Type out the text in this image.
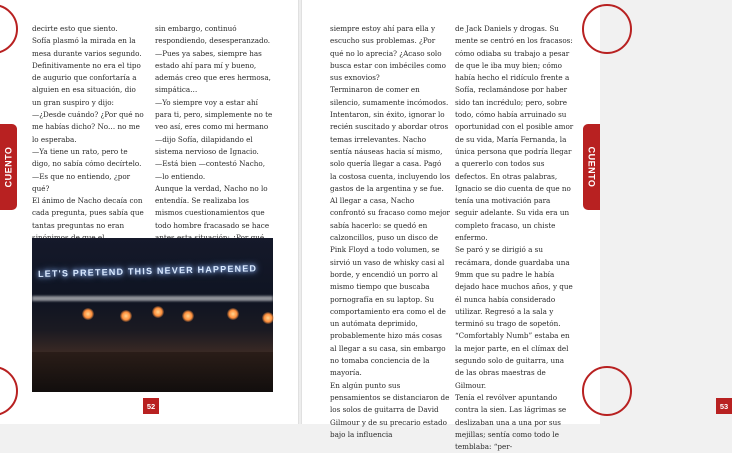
CUENTO

decirte esto que siento.

Sofía plasmó la mirada en la mesa durante varios segundo. Definitivamente no era el tipo de augurio que confortaría a alguien en esa situación, dio un gran suspiro y dijo:

—¿Desde cuándo? ¿Por qué no me habías dicho? No… no me lo esperaba.

—Ya tiene un rato, pero te digo, no sabía cómo decírtelo.

—Es que no entiendo, ¿por qué?

El ánimo de Nacho decaía con cada pregunta, pues sabía que tantas preguntas no eran

sin embargo, continuó respondiendo, desesperanzado.

—Pues ya sabes, siempre has estado ahí para mí y bueno, además creo que eres hermosa, simpática…

—Yo siempre voy a estar ahí para ti, pero, simplemente no te veo así, eres como mi hermano —dijo Sofía, dilapidando el sistema nervioso de Ignacio.

—Está bien —contestó Nacho, —lo entiendo.

Aunque la verdad, Nacho no lo entendía. Se realizaba los mismos cuestionamientos que todo hombre fracasado se hace

LET'S PRETEND THIS NEVER HAPPENED
52
CUENTO

siempre estoy ahí para ella y escucho sus problemas. ¿Por qué no lo aprecia? ¿Acaso solo busca estar con imbéciles como sus exnovios?

Terminaron de comer en silencio, sumamente incómodos. Intentaron, sin éxito, ignorar lo recién suscitado y abordar otros temas irrelevantes. Nacho sentía náuseas hacia sí mismo, solo quería llegar a casa. Pagó la costosa cuenta, incluyendo los gastos de la argentina y se fue.

Al llegar a casa, Nacho confrontó su fracaso como mejor sabía hacerlo: se quedó en calzoncillos, puso un disco de Pink Floyd a todo volumen, se sirvió un vaso de whisky casi al borde, y encendió un porro al mismo tiempo que buscaba pornografía en su laptop. Su comportamiento era como el de un autómata deprimido, probablemente hizo más cosas al llegar a su casa, sin embargo no tomaba conciencia de la mayoría.

En algún punto sus pensamientos se distanciaron de los solos de guitarra de David Gilmour y de su precario estado bajo la influencia

de Jack Daniels y drogas. Su mente se centró en los fracasos: cómo odiaba su trabajo a pesar de que le iba muy bien; cómo había hecho el ridículo frente a Sofía, reclamándose por haber sido tan incrédulo; pero, sobre todo, cómo había arruinado su oportunidad con el posible amor de su vida, María Fernanda, la única persona que podría llegar a quererlo con todos sus defectos. En otras palabras, Ignacio se dio cuenta de que no tenía una motivación para seguir adelante. Su vida era un completo fracaso, un chiste enfermo.

Se paró y se dirigió a su recámara, donde guardaba una 9mm que su padre le había dejado hace muchos años, y que él nunca había considerado utilizar. Regresó a la sala y terminó su trago de sopetón. “Comfortably Numb” estaba en la mejor parte, en el clímax del segundo solo de guitarra, una de las obras maestras de Gilmour.

Tenía el revólver apuntando contra la sien. Las lágrimas se deslizaban una a una por sus mejillas; sentía como todo le temblaba: “per-

53
